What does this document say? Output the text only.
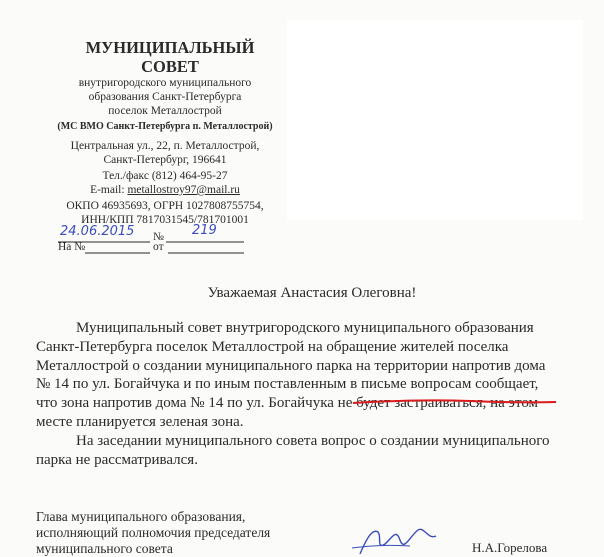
МУНИЦИПАЛЬНЫЙ
СОВЕТ
внутригородского муниципального
образования Санкт-Петербурга
поселок Металлострой
(МС ВМО Санкт-Петербурга п. Металлострой)
Центральная ул., 22, п. Металлострой,
Санкт-Петербург, 196641
Тел./факс (812) 464-95-27
E-mail: metallostroy97@mail.ru
ОКПО 46935693, ОГРН 1027808755754,
ИНН/КПП 7817031545/781701001
24.06.2015 № 219
На №	от
Уважаемая Анастасия Олеговна!
Муниципальный совет внутригородского муниципального образования
Санкт-Петербурга поселок Металлострой на обращение жителей поселка
Металлострой о создании муниципального парка на территории напротив дома
№ 14 по ул. Богайчука и по иным поставленным в письме вопросам сообщает,
что зона напротив дома № 14 по ул. Богайчука не будет застраиваться, на этом
месте планируется зеленая зона.
На заседании муниципального совета вопрос о создании муниципального
парка не рассматривался.
Глава муниципального образования,
исполняющий полномочия председателя
муниципального совета	Н.А.Горелова
